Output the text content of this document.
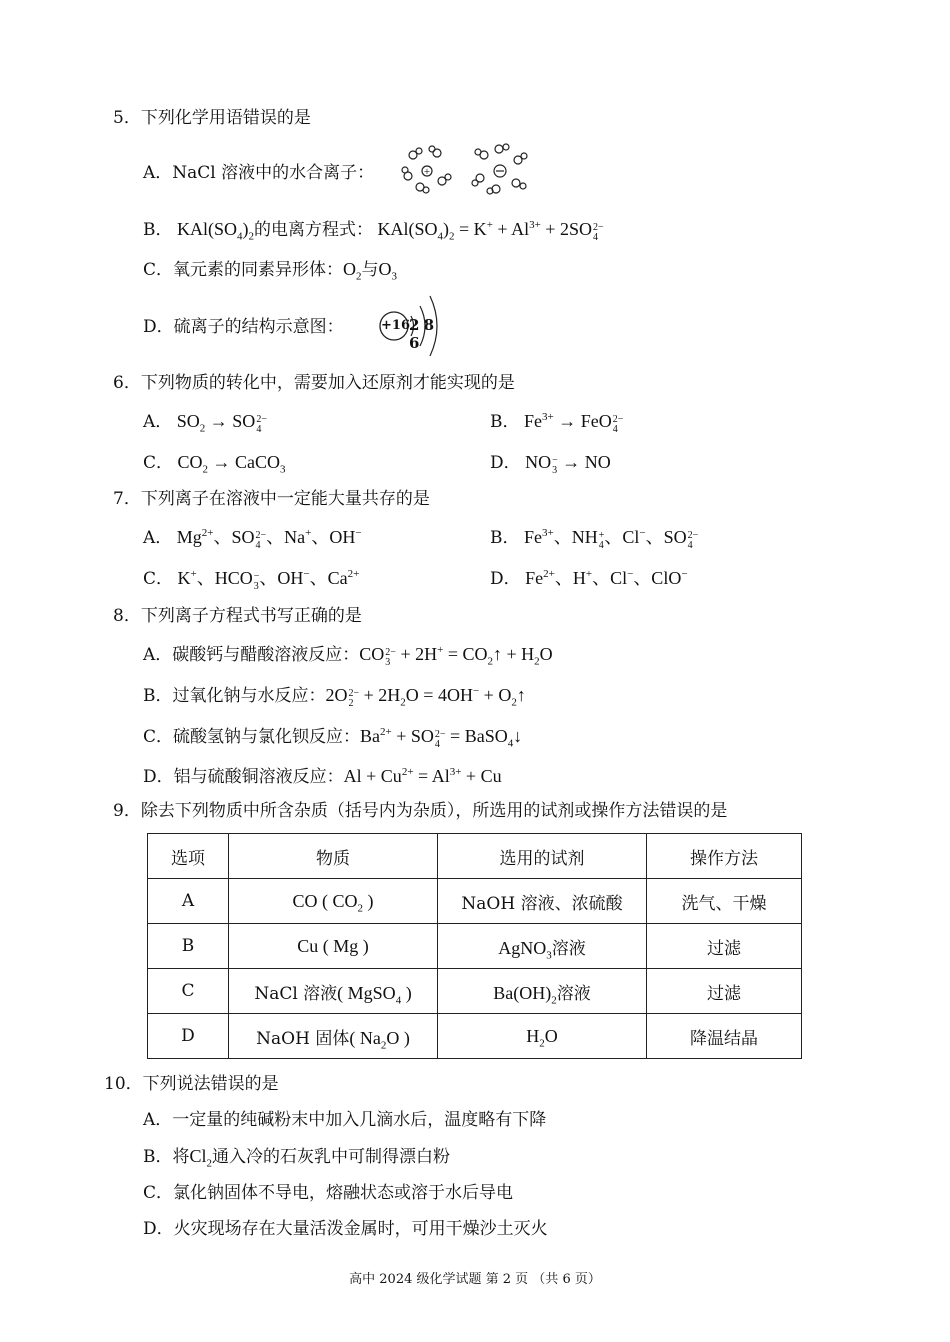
5．下列化学用语错误的是
A．NaCl 溶液中的水合离子：	+
B． $KAl(SO_4)_2$的电离方程式： $KAl(SO_4)_2 = K^+ + Al^{3+} + 2SO$ 2−
4
C．氧元素的同素异形体：$O_2$与$O_3$
D．硫离子的结构示意图：	+16 2 8 6
6．下列物质的转化中，需要加入还原剂才能实现的是
A． $SO_2$ → SO 2−
4	B． $Fe^{3+}$ → FeO 2−
4
C． $CO_2$ → CaCO$_3$	D． NO −
3 → NO
7．下列离子在溶液中一定能大量共存的是
A． $Mg^{2+}$、SO 2−
4 、Na+、OH−	B． $Fe^{3+}$、NH +
4 、Cl−、SO 2−
4
C． K+、HCO −
3 、OH−、$Ca^{2+}$	D． $Fe^{2+}$、H+、Cl−、ClO−
8．下列离子方程式书写正确的是
A．碳酸钙与醋酸溶液反应：CO 2−
$3 + 2H^+ = CO_2↑ + H_2O$
B．过氧化钠与水反应：2O 2−
$2 + 2H_2O = 4OH^-$ + $O_2↑$
C．硫酸氢钠与氯化钡反应：$Ba^{2+}$ + SO 2−
4 = BaSO$_4$↓
D．铝与硫酸铜溶液反应：$Al + Cu^{2+} = Al^{3+} + Cu$
9．除去下列物质中所含杂质（括号内为杂质），所选用的试剂或操作方法错误的是
选项	物质	选用的试剂	操作方法
A	CO ( $CO_2$ )	NaOH 溶液、浓硫酸	洗气、干燥
B	Cu ( Mg )	AgNO$_3$溶液	过滤
C	NaCl 溶液( MgSO$_4$ )	$Ba(OH)_2$溶液	过滤
D	NaOH 固体( $Na_2O$ )	$H_2O$	降温结晶
10．下列说法错误的是
A．一定量的纯碱粉末中加入几滴水后，温度略有下降
B．将$Cl_2$通入冷的石灰乳中可制得漂白粉
C．氯化钠固体不导电，熔融状态或溶于水后导电
D．火灾现场存在大量活泼金属时，可用干燥沙土灭火
高中 2024 级化学试题 第 2 页 （共 6 页）
